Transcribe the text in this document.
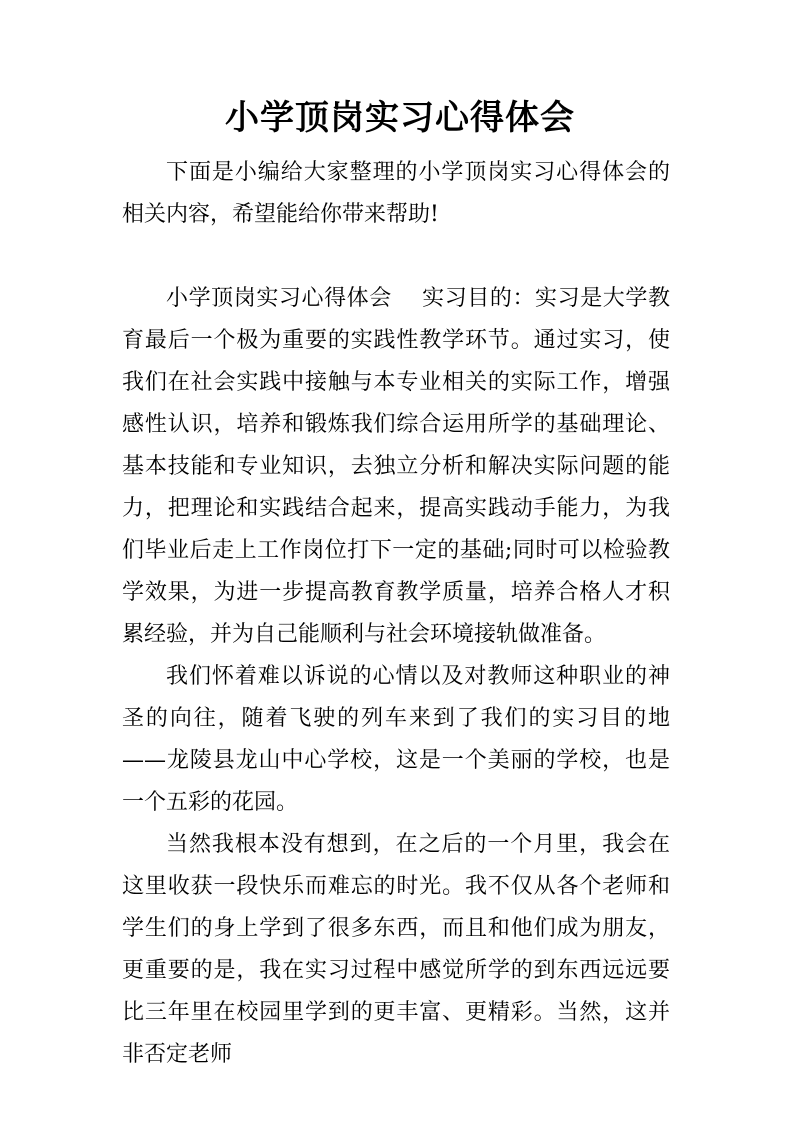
小学顶岗实习心得体会

下面是小编给大家整理的小学顶岗实习心得体会的相关内容，希望能给你带来帮助!

小学顶岗实习心得体会 实习目的：实习是大学教育最后一个极为重要的实践性教学环节。通过实习，使我们在社会实践中接触与本专业相关的实际工作，增强感性认识，培养和锻炼我们综合运用所学的基础理论、基本技能和专业知识，去独立分析和解决实际问题的能力，把理论和实践结合起来，提高实践动手能力，为我们毕业后走上工作岗位打下一定的基础;同时可以检验教学效果，为进一步提高教育教学质量，培养合格人才积累经验，并为自己能顺利与社会环境接轨做准备。

我们怀着难以诉说的心情以及对教师这种职业的神圣的向往，随着飞驶的列车来到了我们的实习目的地——龙陵县龙山中心学校，这是一个美丽的学校，也是一个五彩的花园。

当然我根本没有想到，在之后的一个月里，我会在这里收获一段快乐而难忘的时光。我不仅从各个老师和学生们的身上学到了很多东西，而且和他们成为朋友，更重要的是，我在实习过程中感觉所学的到东西远远要比三年里在校园里学到的更丰富、更精彩。当然，这并非否定老师
